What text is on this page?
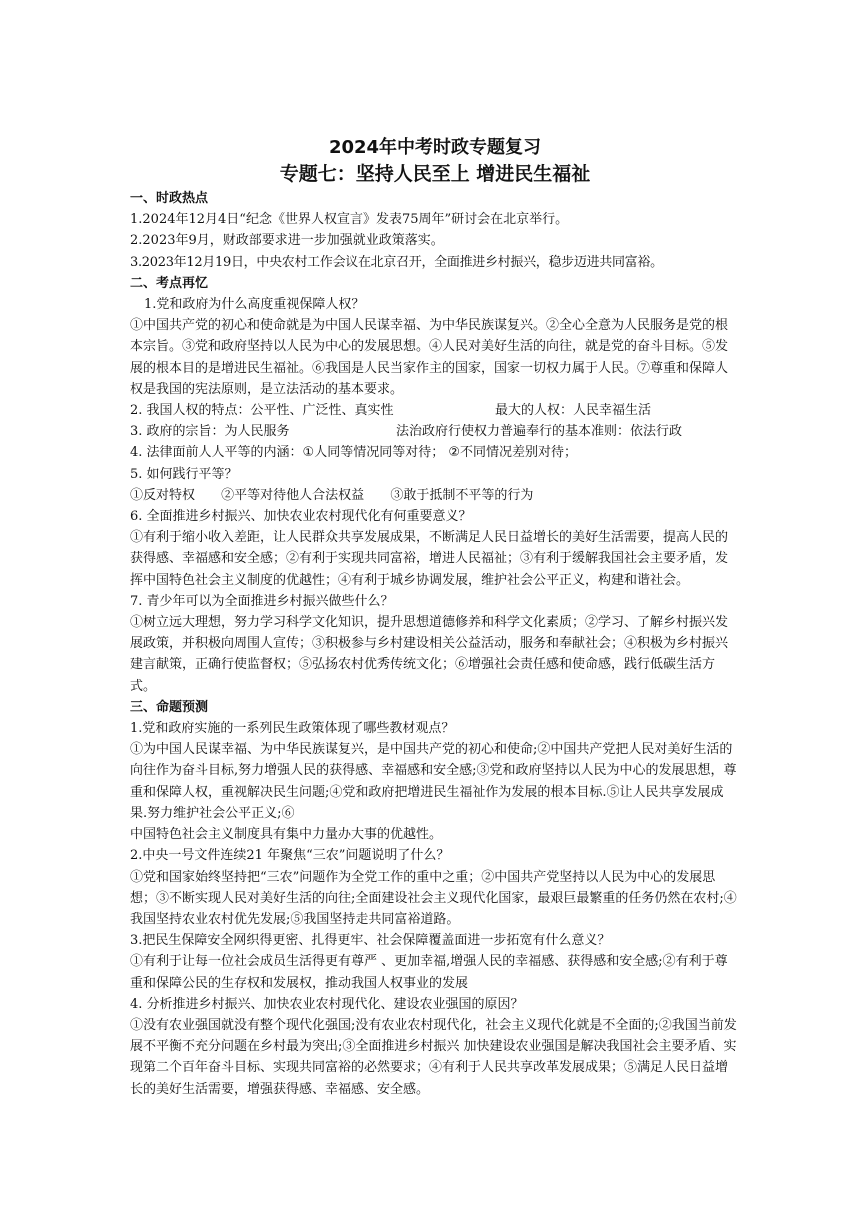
2024年中考时政专题复习
专题七：坚持人民至上 增进民生福祉

一、时政热点

1.2024年12月4日“纪念《世界人权宣言》发表75周年”研讨会在北京举行。

2.2023年9月，财政部要求进一步加强就业政策落实。

3.2023年12月19日，中央农村工作会议在北京召开，全面推进乡村振兴，稳步迈进共同富裕。

二、考点再忆

1.党和政府为什么高度重视保障人权？

①中国共产党的初心和使命就是为中国人民谋幸福、为中华民族谋复兴。②全心全意为人民服务是党的根本宗旨。③党和政府坚持以人民为中心的发展思想。④人民对美好生活的向往，就是党的奋斗目标。⑤发展的根本目的是增进民生福祉。⑥我国是人民当家作主的国家，国家一切权力属于人民。⑦尊重和保障人权是我国的宪法原则，是立法活动的基本要求。

2. 我国人权的特点：公平性、广泛性、真实性	最大的人权：人民幸福生活
3. 政府的宗旨：为人民服务	法治政府行使权力普遍奉行的基本准则：依法行政

4. 法律面前人人平等的内涵：①人同等情况同等对待； ②不同情况差别对待；

5. 如何践行平等？

①反对特权 ②平等对待他人合法权益 ③敢于抵制不平等的行为

6. 全面推进乡村振兴、加快农业农村现代化有何重要意义？

①有利于缩小收入差距，让人民群众共享发展成果，不断满足人民日益增长的美好生活需要，提高人民的获得感、幸福感和安全感；②有利于实现共同富裕，增进人民福祉；③有利于缓解我国社会主要矛盾，发挥中国特色社会主义制度的优越性；④有利于城乡协调发展，维护社会公平正义，构建和谐社会。

7. 青少年可以为全面推进乡村振兴做些什么？

①树立远大理想，努力学习科学文化知识，提升思想道德修养和科学文化素质；②学习、了解乡村振兴发展政策，并积极向周围人宣传；③积极参与乡村建设相关公益活动，服务和奉献社会；④积极为乡村振兴建言献策，正确行使监督权；⑤弘扬农村优秀传统文化；⑥增强社会责任感和使命感，践行低碳生活方式。

三、命题预测

1.党和政府实施的一系列民生政策体现了哪些教材观点？

①为中国人民谋幸福、为中华民族谋复兴，是中国共产党的初心和使命;②中国共产党把人民对美好生活的向往作为奋斗目标,努力增强人民的获得感、幸福感和安全感;③党和政府坚持以人民为中心的发展思想，尊重和保障人权，重视解决民生问题;④党和政府把增进民生福祉作为发展的根本目标.⑤让人民共享发展成果.努力维护社会公平正义;⑥

中国特色社会主义制度具有集中力量办大事的优越性。

2.中央一号文件连续21 年聚焦“三农”问题说明了什么？

①党和国家始终坚持把“三农”问题作为全党工作的重中之重；②中国共产党坚持以人民为中心的发展思想；③不断实现人民对美好生活的向往;全面建设社会主义现代化国家，最艰巨最繁重的任务仍然在农村;④我国坚持农业农村优先发展;⑤我国坚持走共同富裕道路。

3.把民生保障安全网织得更密、扎得更牢、社会保障覆盖面进一步拓宽有什么意义？

①有利于让每一位社会成员生活得更有尊严 、更加幸福,增强人民的幸福感、获得感和安全感;②有利于尊重和保障公民的生存权和发展权，推动我国人权事业的发展

4. 分析推进乡村振兴、加快农业农村现代化、建设农业强国的原因？

①没有农业强国就没有整个现代化强国;没有农业农村现代化，社会主义现代化就是不全面的;②我国当前发展不平衡不充分问题在乡村最为突出;③全面推进乡村振兴 加快建设农业强国是解决我国社会主要矛盾、实现第二个百年奋斗目标、实现共同富裕的必然要求；④有利于人民共享改革发展成果；⑤满足人民日益增长的美好生活需要，增强获得感、幸福感、安全感。
